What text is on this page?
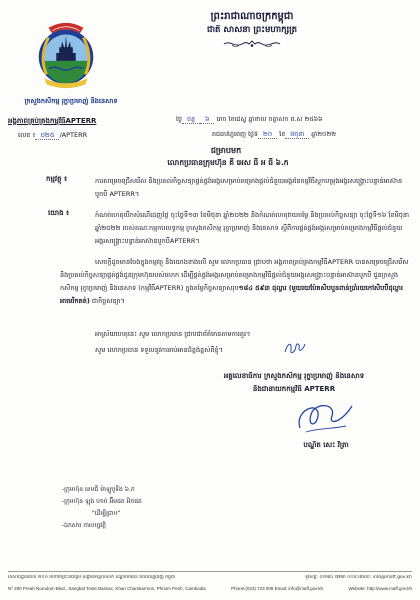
ព្រះរាជាណាចក្រកម្ពុជា
ជាតិ សាសនា ព្រះមហាក្សត្រ
ក្រសួងកសិកម្ម រុក្ខាប្រមាញ់ និងនេសាទ
អង្គភាពគ្រប់គ្រងកម្មវិធីAPTERR
លេខ ៖ ០២៥ /APTERR
ថ្ងៃ ច័ន្ទ ៦ រោច ខែជេស្ឋ ឆ្នាំខាល ចត្វាស័ក ព.ស ២៥៦៦
រាជធានីភ្នំពេញ ថ្ងៃទី ២០ ខែ មិថុនា ឆ្នាំ២០២២
ជម្រាបមក
លោកប្រធានក្រុមហ៊ុន គី អេស ធី អ ធី ៦.ក
កម្មវត្ថុ ៖	ការសម្រេចជ្រើសរើស និងប្រគល់កិច្ចសន្យាផ្គត់ផ្គង់អង្ករសម្រាប់គម្រោងផ្តល់ជំនួយអង្ករនៃកម្មវិធីស្តុកបម្រុងអង្ករសង្គ្រោះបន្ទាន់អាស៊ានបូកបី APTERR។
យោង ៖	កំណត់ហេតុបើកសំណើដេញថ្លៃ ចុះថ្ងៃទី១៣ ខែមិថុនា ឆ្នាំ២០២២ និងកំណត់ហេតុវាយតម្លៃ និងប្រគល់កិច្ចសន្យា ចុះថ្ងៃទី១៦ ខែមិថុនា ឆ្នាំ២០២២ របស់គណៈកម្មការលទ្ធកម្ម ក្រសួងកសិកម្ម រុក្ខាប្រមាញ់ និងនេសាទ ស្តីពីការផ្គត់ផ្គង់អង្ករសម្រាប់គម្រោងកម្មវិធីផ្តល់ជំនួយអង្ករសង្គ្រោះបន្ទាន់អាស៊ានបូកបីAPTERR។
សេចក្តីដូចមានចែងក្នុងកម្មវត្ថុ និងយោងខាងលើ សូម លោកប្រធាន ជ្រាបថា អង្គភាពគ្រប់គ្រងកម្មវិធីAPTERR បានសម្រេចជ្រើសរើស និងប្រគល់កិច្ចសន្យាផ្គត់ផ្គង់ជូនក្រុមហ៊ុនរបស់លោក ដើម្បីផ្គត់ផ្គង់អង្ករសម្រាប់គម្រោងកម្មវិធីផ្តល់ជំនួយអង្ករសង្គ្រោះបន្ទាន់អាស៊ានបូកបី ជូនក្រសួងកសិកម្ម រុក្ខាប្រមាញ់ និងនេសាទ (កម្មវិធីAPTERR) ក្នុងតម្លៃកិច្ចសន្យាសរុប១៨៤ ៥៩៣ ដុល្លារ (មួយរយប៉ែតសិបបួនពាន់ប្រាំរយកៅសិបបីដុល្លារអាមេរិកគត់) ជាកិច្ចសន្យា។
អាស្រ័យហេតុនេះ សូម លោកប្រធាន ជ្រាបជាព័ត៌មានតាមការគួរ។
សូម លោកប្រធាន ទទួលនូវការរាប់អានដ៏ខ្ពង់ខ្ពស់ពីខ្ញុំ។
អគ្គលេខាធិការ ក្រសួងកសិកម្ម រុក្ខាប្រមាញ់ និងនេសាទ
និងជានាយកកម្មវិធី APTERR
បណ្ឌិត សេះ វិត្រា
-ក្រុមហ៊ុន ខេមធី ម៉ាឡូបូទីង ៦.ក
-ក្រុមហ៊ុន ឡុង ហាប់ អ៊ីមផត អិចផត
"ដើម្បីជ្រាប"
-ឯកសារ កាលប្បវត្តិ
អាសយដ្ឋានលេខ ២០០ មហាវិថីព្រះនរោត្តម សង្កាត់ទន្លេបាសាក់ ខណ្ឌចំការមន រាជធានីភ្នំពេញ កម្ពុជា	ទូរស័ព្ទ: (០២៣) ៧២៣ ០០៨ អ៊ីមែល: info@maff.gov.kh
Nº 200 Preah Norodom Blvd., Sangkat Tonle Bassac, Khan Chamkarmon, Phnom Penh, Cambodia	Phone:(023) 723 008 Email: info@maff.gov.kh	Website: http://www.maff.gov.kh
